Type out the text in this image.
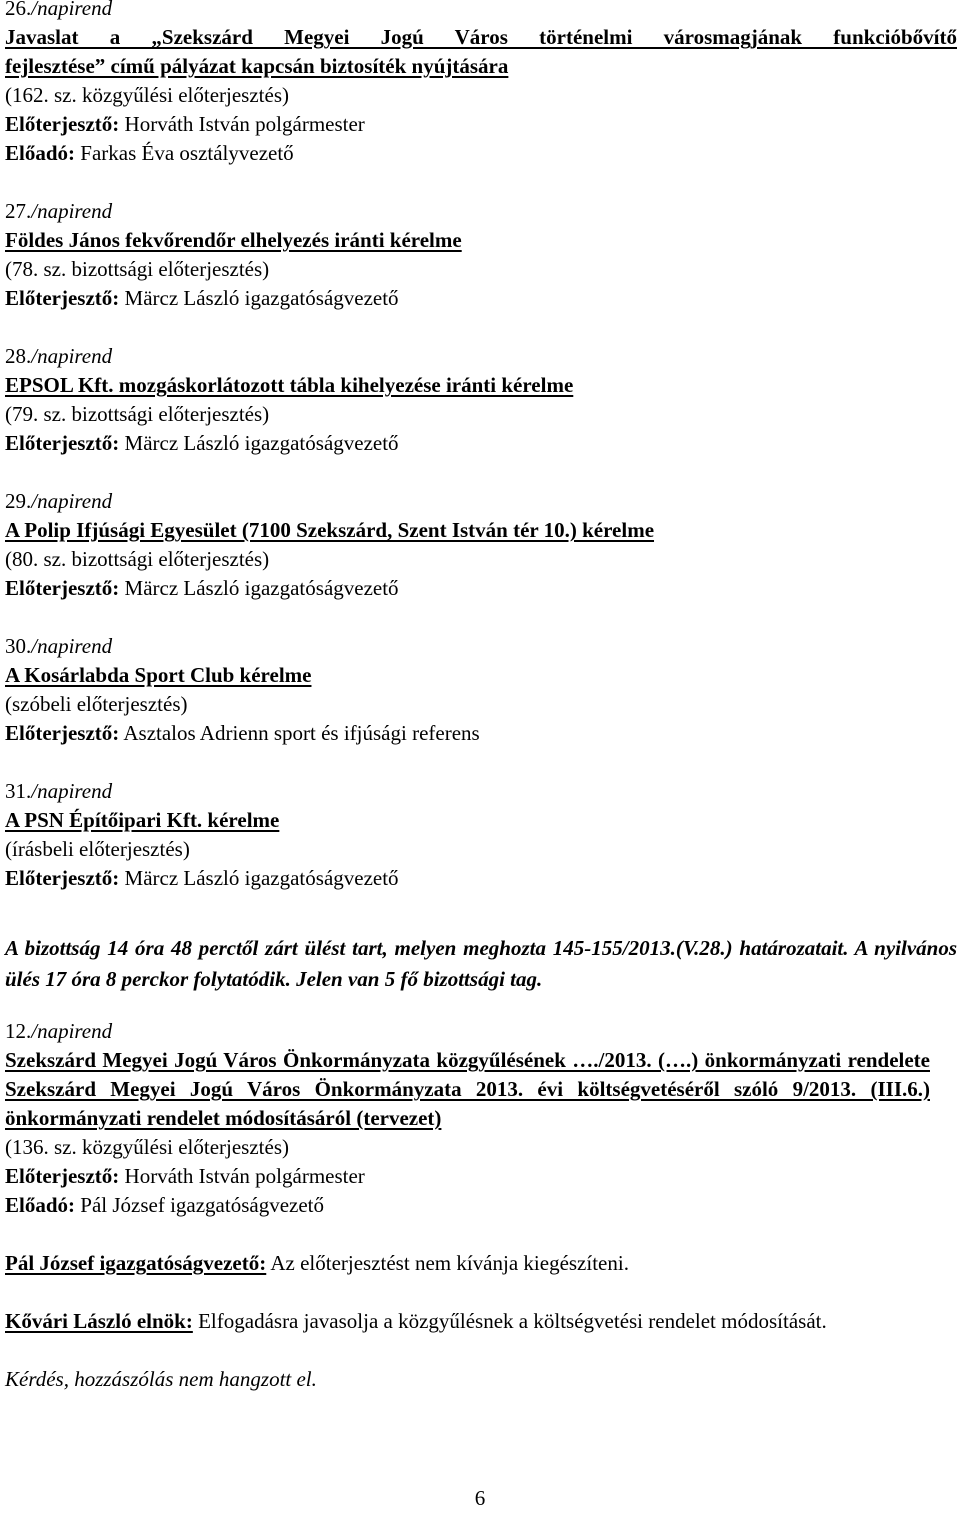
26./napirend
Javaslat a „Szekszárd Megyei Jogú Város történelmi városmagjának funkcióbővítő
fejlesztése” című pályázat kapcsán biztosíték nyújtására
(162. sz. közgyűlési előterjesztés)
Előterjesztő: Horváth István polgármester
Előadó: Farkas Éva osztályvezető
27./napirend
Földes János fekvőrendőr elhelyezés iránti kérelme
(78. sz. bizottsági előterjesztés)
Előterjesztő: Märcz László igazgatóságvezető
28./napirend
EPSOL Kft. mozgáskorlátozott tábla kihelyezése iránti kérelme
(79. sz. bizottsági előterjesztés)
Előterjesztő: Märcz László igazgatóságvezető
29./napirend
A Polip Ifjúsági Egyesület (7100 Szekszárd, Szent István tér 10.) kérelme
(80. sz. bizottsági előterjesztés)
Előterjesztő: Märcz László igazgatóságvezető
30./napirend
A Kosárlabda Sport Club kérelme
(szóbeli előterjesztés)
Előterjesztő: Asztalos Adrienn sport és ifjúsági referens
31./napirend
A PSN Építőipari Kft. kérelme
(írásbeli előterjesztés)
Előterjesztő: Märcz László igazgatóságvezető
A bizottság 14 óra 48 perctől zárt ülést tart, melyen meghozta 145-155/2013.(V.28.) határozatait. A nyilvános ülés 17 óra 8 perckor folytatódik. Jelen van 5 fő bizottsági tag.
12./napirend
Szekszárd Megyei Jogú Város Önkormányzata közgyűlésének …./2013. (….) önkormányzati rendelete Szekszárd Megyei Jogú Város Önkormányzata 2013. évi költségvetéséről szóló 9/2013. (III.6.) önkormányzati rendelet módosításáról (tervezet)
(136. sz. közgyűlési előterjesztés)
Előterjesztő: Horváth István polgármester
Előadó: Pál József igazgatóságvezető
Pál József igazgatóságvezető: Az előterjesztést nem kívánja kiegészíteni.
Kővári László elnök: Elfogadásra javasolja a közgyűlésnek a költségvetési rendelet módosítását.
Kérdés, hozzászólás nem hangzott el.
6
